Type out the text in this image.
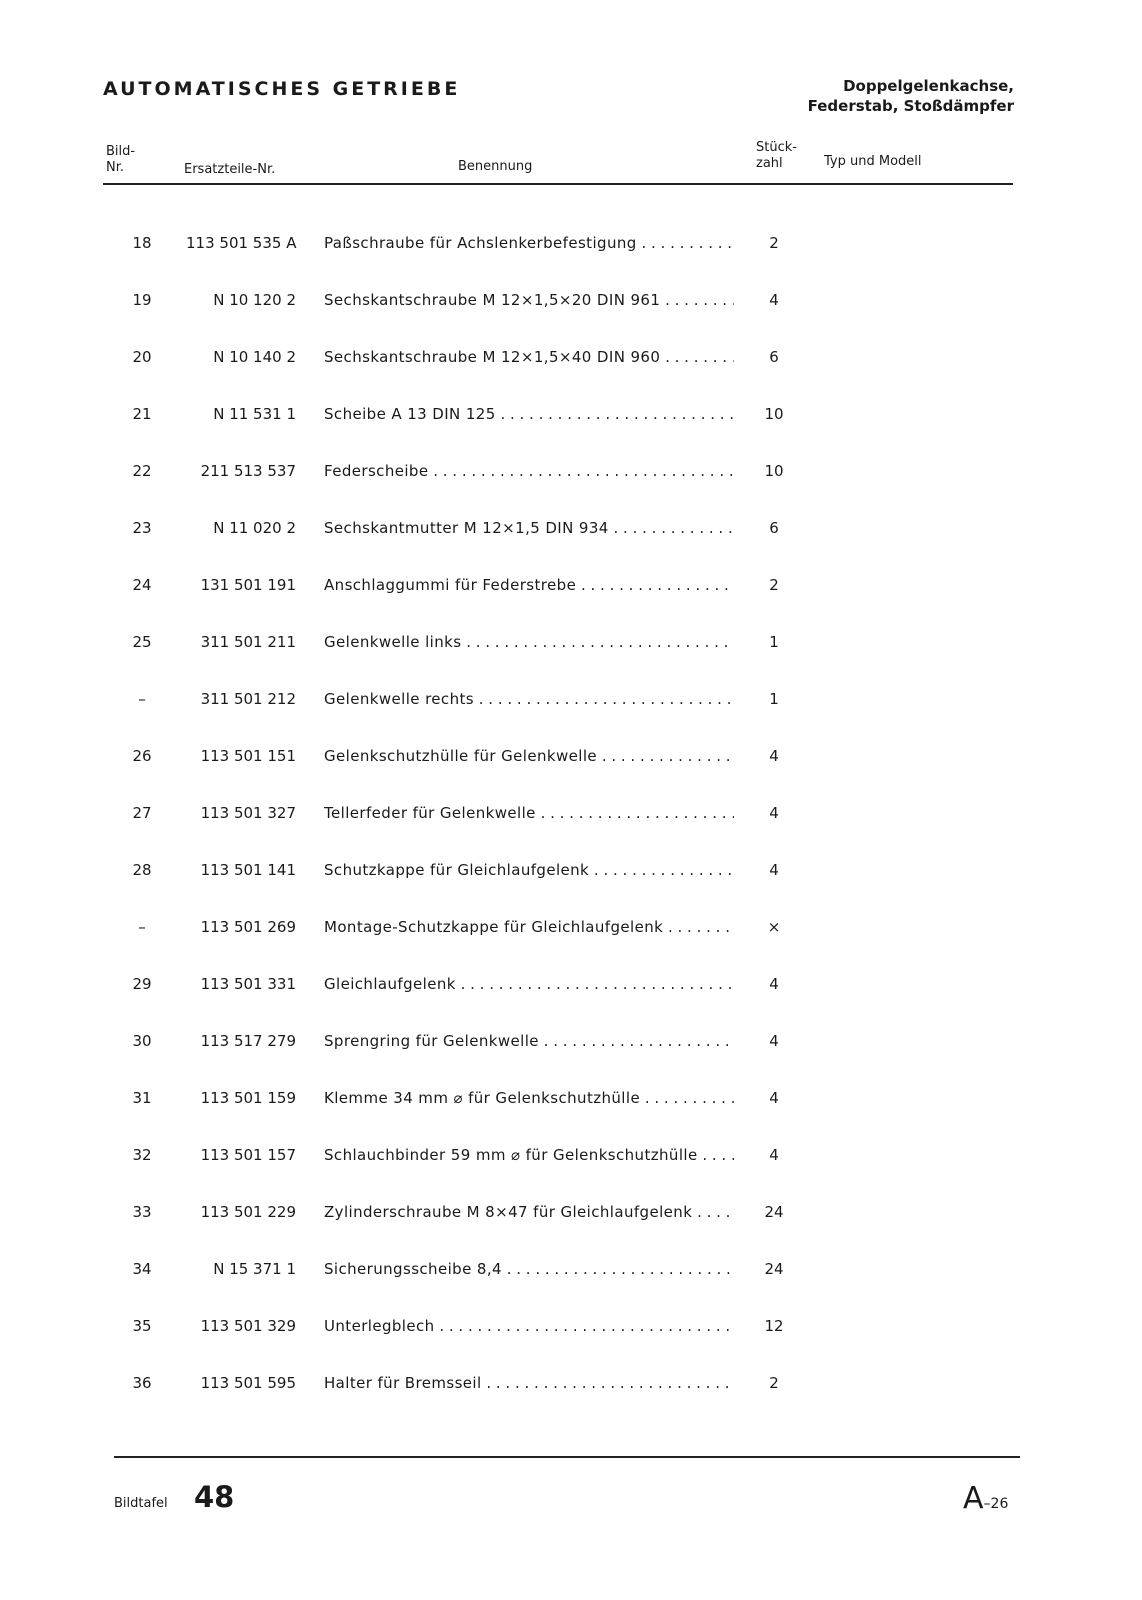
AUTOMATISCHES GETRIEBE	Doppelgelenkachse,
Federstab, Stoßdämpfer
Bild-
Nr.	Ersatzteile-Nr.	Benennung
Stück-
zahl	Typ und Modell
18	113 501 535 A Paßschraube für Achslenkerbefestigung . . .	2
19	N 10 120 2 Sechskantschraube M 12×1,5×20 DIN 961 . . .	4
20	N 10 140 2 Sechskantschraube M 12×1,5×40 DIN 960 . . .	6
21	N 11 531 1 Scheibe A 13 DIN 125 . . .	10
22	211 513 537 Federscheibe . . .	10
23	N 11 020 2 Sechskantmutter M 12×1,5 DIN 934 . . .	6
24	131 501 191 Anschlaggummi für Federstrebe . . .	2
25	311 501 211 Gelenkwelle links . . .	1
–	311 501 212 Gelenkwelle rechts . . .	1
26	113 501 151 Gelenkschutzhülle für Gelenkwelle . . .	4
27	113 501 327 Tellerfeder für Gelenkwelle . . .	4
28	113 501 141 Schutzkappe für Gleichlaufgelenk . . .	4
–	113 501 269 Montage-Schutzkappe für Gleichlaufgelenk . . .	×
29	113 501 331 Gleichlaufgelenk . . .	4
30	113 517 279 Sprengring für Gelenkwelle . . .	4
31	113 501 159 Klemme 34 mm ⌀ für Gelenkschutzhülle . . .	4
32	113 501 157 Schlauchbinder 59 mm ⌀ für Gelenkschutzhülle . . .	4
33	113 501 229 Zylinderschraube M 8×47 für Gleichlaufgelenk . . .	24
34	N 15 371 1 Sicherungsscheibe 8,4 . . .	24
35	113 501 329 Unterlegblech . . .	12
36	113 501 595 Halter für Bremsseil . . .	2
Bildtafel 48	A–26
